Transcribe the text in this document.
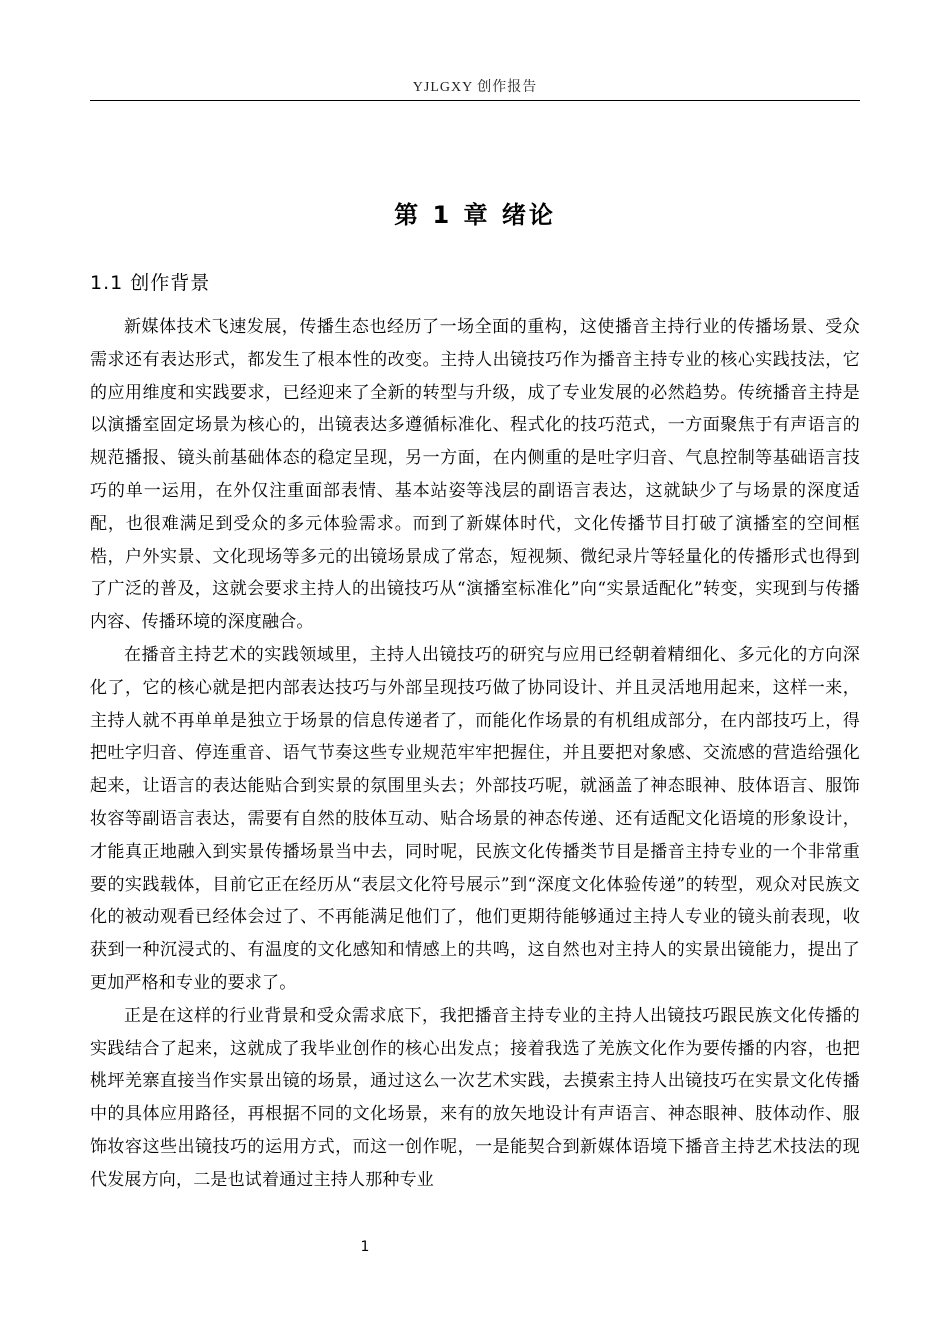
YJLGXY 创作报告
第 1 章 绪论
1.1 创作背景

新媒体技术飞速发展，传播生态也经历了一场全面的重构，这使播音主持行业的传播场景、受众需求还有表达形式，都发生了根本性的改变。主持人出镜技巧作为播音主持专业的核心实践技法，它的应用维度和实践要求，已经迎来了全新的转型与升级，成了专业发展的必然趋势。传统播音主持是以演播室固定场景为核心的，出镜表达多遵循标准化、程式化的技巧范式，一方面聚焦于有声语言的规范播报、镜头前基础体态的稳定呈现，另一方面，在内侧重的是吐字归音、气息控制等基础语言技巧的单一运用，在外仅注重面部表情、基本站姿等浅层的副语言表达，这就缺少了与场景的深度适配，也很难满足到受众的多元体验需求。而到了新媒体时代，文化传播节目打破了演播室的空间框梏，户外实景、文化现场等多元的出镜场景成了常态，短视频、微纪录片等轻量化的传播形式也得到了广泛的普及，这就会要求主持人的出镜技巧从“演播室标准化”向“实景适配化”转变，实现到与传播内容、传播环境的深度融合。

在播音主持艺术的实践领域里，主持人出镜技巧的研究与应用已经朝着精细化、多元化的方向深化了，它的核心就是把内部表达技巧与外部呈现技巧做了协同设计、并且灵活地用起来，这样一来，主持人就不再单单是独立于场景的信息传递者了，而能化作场景的有机组成部分，在内部技巧上，得把吐字归音、停连重音、语气节奏这些专业规范牢牢把握住，并且要把对象感、交流感的营造给强化起来，让语言的表达能贴合到实景的氛围里头去；外部技巧呢，就涵盖了神态眼神、肢体语言、服饰妆容等副语言表达，需要有自然的肢体互动、贴合场景的神态传递、还有适配文化语境的形象设计，才能真正地融入到实景传播场景当中去，同时呢，民族文化传播类节目是播音主持专业的一个非常重要的实践载体，目前它正在经历从“表层文化符号展示”到“深度文化体验传递”的转型，观众对民族文化的被动观看已经体会过了、不再能满足他们了，他们更期待能够通过主持人专业的镜头前表现，收获到一种沉浸式的、有温度的文化感知和情感上的共鸣，这自然也对主持人的实景出镜能力，提出了更加严格和专业的要求了。

正是在这样的行业背景和受众需求底下，我把播音主持专业的主持人出镜技巧跟民族文化传播的实践结合了起来，这就成了我毕业创作的核心出发点；接着我选了羌族文化作为要传播的内容，也把桃坪羌寨直接当作实景出镜的场景，通过这么一次艺术实践，去摸索主持人出镜技巧在实景文化传播中的具体应用路径，再根据不同的文化场景，来有的放矢地设计有声语言、神态眼神、肢体动作、服饰妆容这些出镜技巧的运用方式，而这一创作呢，一是能契合到新媒体语境下播音主持艺术技法的现代发展方向，二是也试着通过主持人那种专业

1
